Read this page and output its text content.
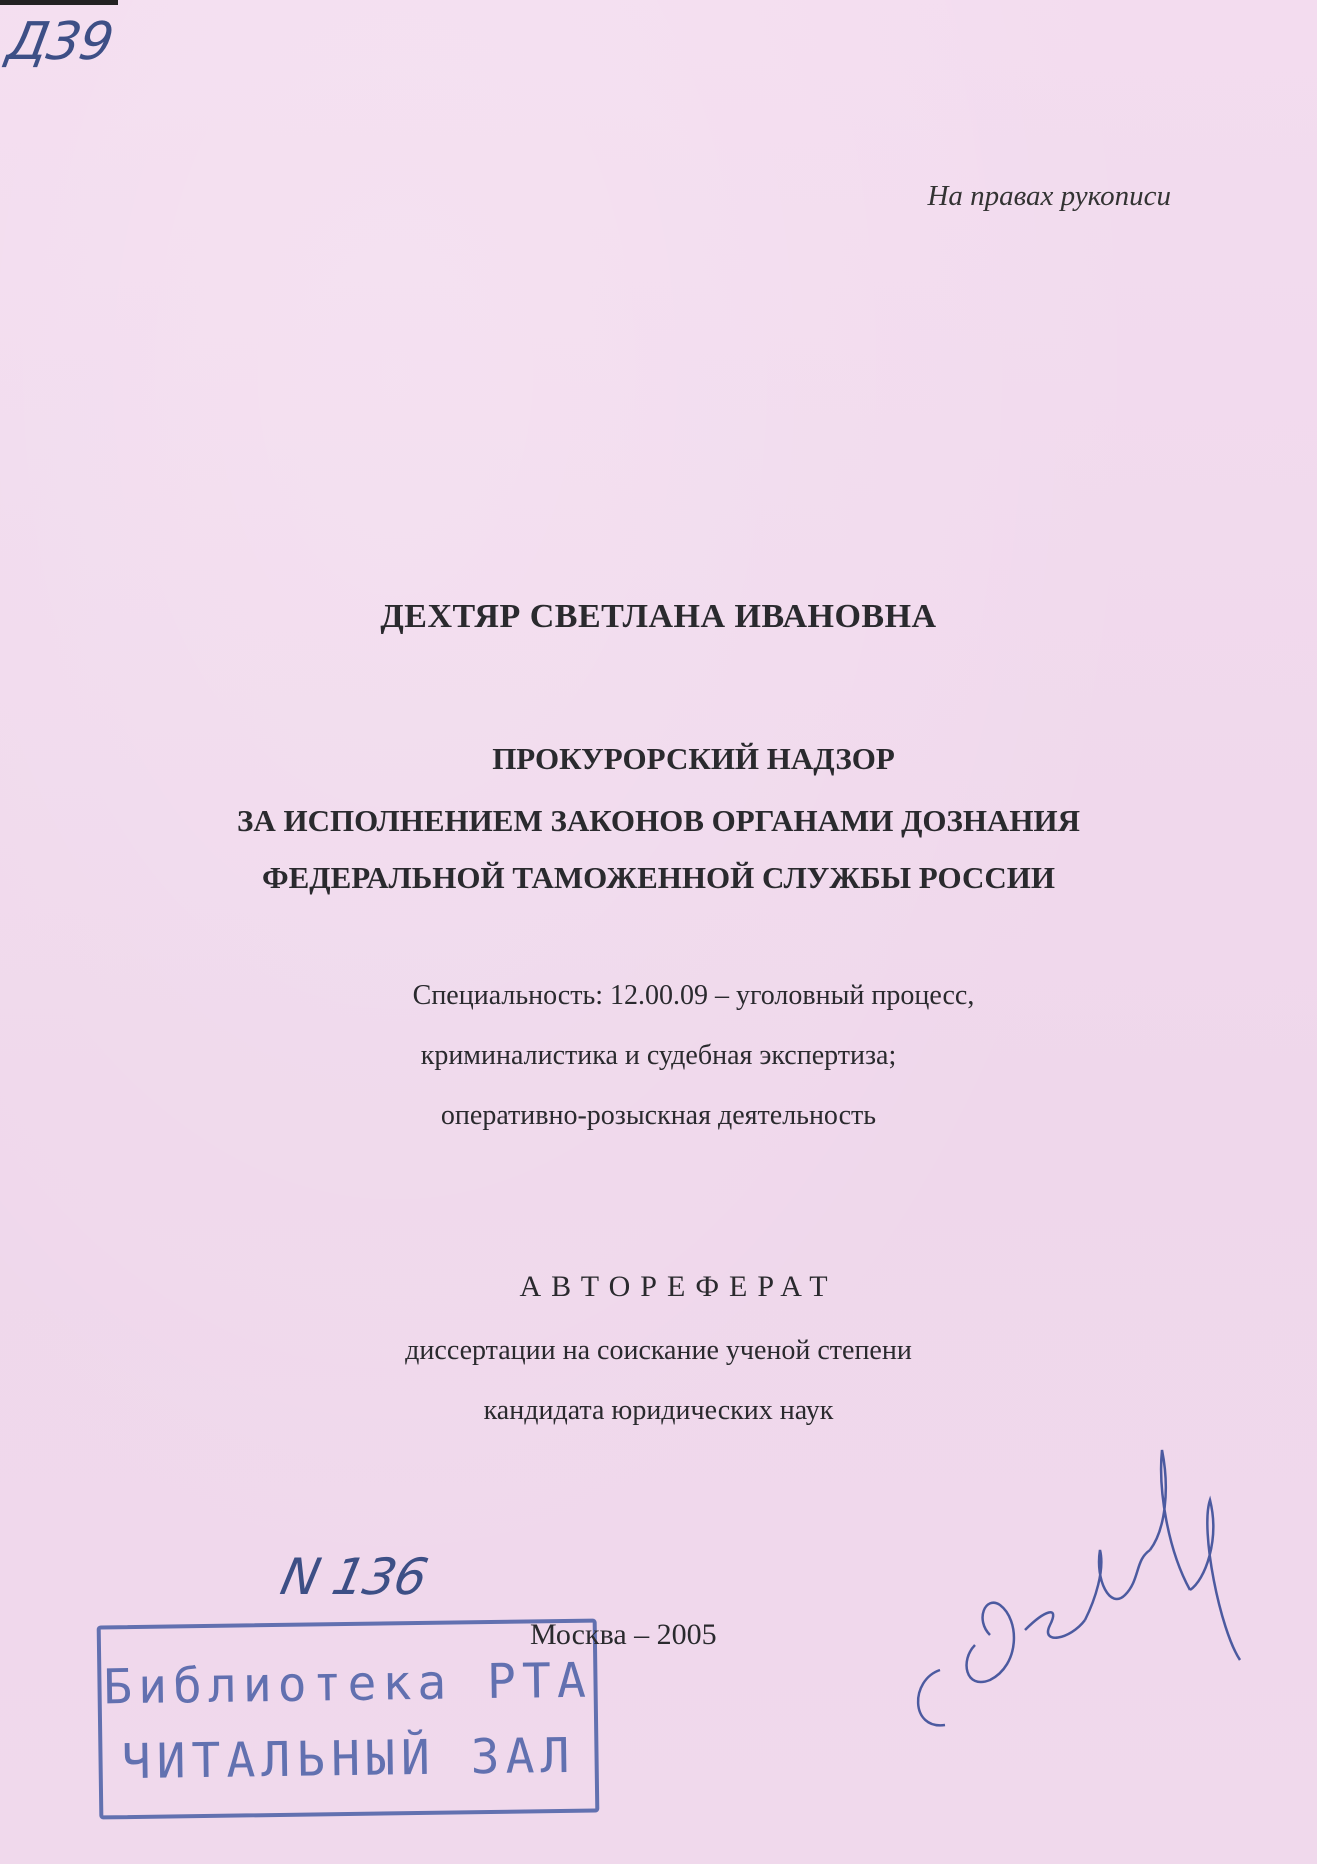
Д39
На правах рукописи
ДЕХТЯР СВЕТЛАНА ИВАНОВНА
ПРОКУРОРСКИЙ НАДЗОР
ЗА ИСПОЛНЕНИЕМ ЗАКОНОВ ОРГАНАМИ ДОЗНАНИЯ
ФЕДЕРАЛЬНОЙ ТАМОЖЕННОЙ СЛУЖБЫ РОССИИ
Специальность: 12.00.09 – уголовный процесс,
криминалистика и судебная экспертиза;
оперативно-розыскная деятельность
АВТОРЕФЕРАТ
диссертации на соискание ученой степени
кандидата юридических наук
Библиотека РТА
ЧИТАЛЬНЫЙ ЗАЛ
N 136
Москва – 2005
